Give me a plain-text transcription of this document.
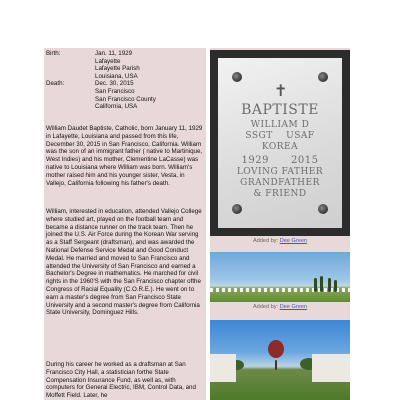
Birth:	Jan. 11, 1929
Lafayette
Lafayette Parish
Louisiana, USA
Death:	Dec. 30, 2015
San Francisco
San Francisco County
California, USA

William Daudet Baptiste, Catholic, born January 11, 1929 in Lafayette, Louisiana and passed from this life, December 30, 2015 in San Francisco, California. William was the son of an immigrant father ( native to Martinique, West Indies) and his mother, Clementine LaCasse) was native to Louisiana where William was born. William's mother raised him and his younger sister, Vesta, in Vallejo, California following his father's death.

William, interested in education, attended Vallejo College where studied art, played on the football team and became a distance runner on the track team. Then he joined the U.S. Air Force during the Korean War serving as a Staff Sergeant (draftsman), and was awarded the National Defense Service Medal and Good Conduct Medal. He married and moved to San Francisco and attended the University of San Francisco and earned a Bachelor's Degree in mathematics. He marched for civil rights in the 1960'S with the San Francisco chapter ofthe Congress of Racial Equality (C.O.R.E.). He went on to earn a master's degree from San Francisco State University and a second master's degree from California State University, Dominguez Hills.

During his career he worked as a draftsman at San Francisco City Hall, a statistician forthe State Compensation Insurance Fund, as well as, with computers for General Electric, IBM, Control Data, and Moffett Field. Later, he

✝
BAPTISTE
WILLIAM D
SSGT    USAF
KOREA
1929      2015
LOVING FATHER
GRANDFATHER
& FRIEND
Added by: Dee Green
Added by: Dee Green
